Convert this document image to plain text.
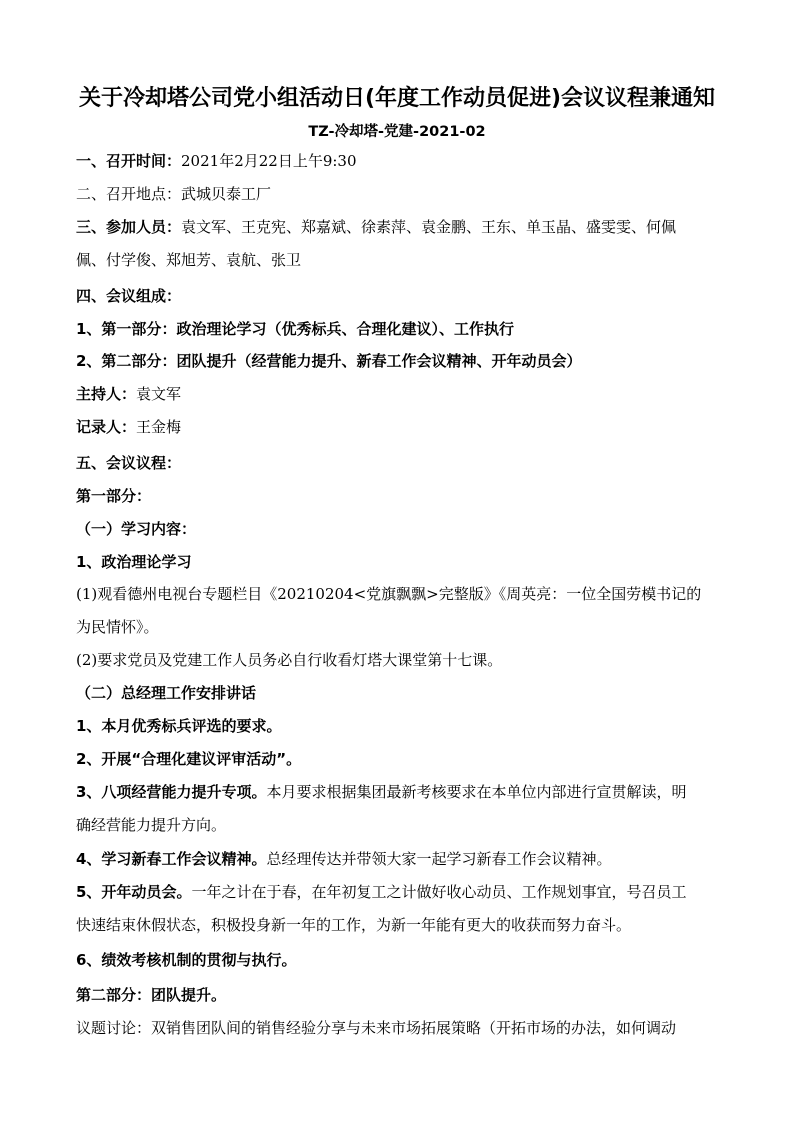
关于冷却塔公司党小组活动日(年度工作动员促进)会议议程兼通知
TZ-冷却塔-党建-2021-02
一、召开时间：2021年2月22日上午9:30
二、召开地点：武城贝泰工厂
三、参加人员：袁文军、王克宪、郑嘉斌、徐素萍、袁金鹏、王东、单玉晶、盛雯雯、何佩
佩、付学俊、郑旭芳、袁航、张卫
四、会议组成：
1、第一部分：政治理论学习（优秀标兵、合理化建议）、工作执行
2、第二部分：团队提升（经营能力提升、新春工作会议精神、开年动员会）
主持人：袁文军
记录人：王金梅
五、会议议程：
第一部分：
（一）学习内容：
1、政治理论学习
(1)观看德州电视台专题栏目《20210204<党旗飘飘>完整版》《周英亮：一位全国劳模书记的
为民情怀》。
(2)要求党员及党建工作人员务必自行收看灯塔大课堂第十七课。
（二）总经理工作安排讲话
1、本月优秀标兵评选的要求。
2、开展“合理化建议评审活动”。
3、八项经营能力提升专项。本月要求根据集团最新考核要求在本单位内部进行宣贯解读，明
确经营能力提升方向。
4、学习新春工作会议精神。总经理传达并带领大家一起学习新春工作会议精神。
5、开年动员会。一年之计在于春，在年初复工之计做好收心动员、工作规划事宜，号召员工
快速结束休假状态，积极投身新一年的工作，为新一年能有更大的收获而努力奋斗。
6、绩效考核机制的贯彻与执行。
第二部分：团队提升。
议题讨论：双销售团队间的销售经验分享与未来市场拓展策略（开拓市场的办法，如何调动
